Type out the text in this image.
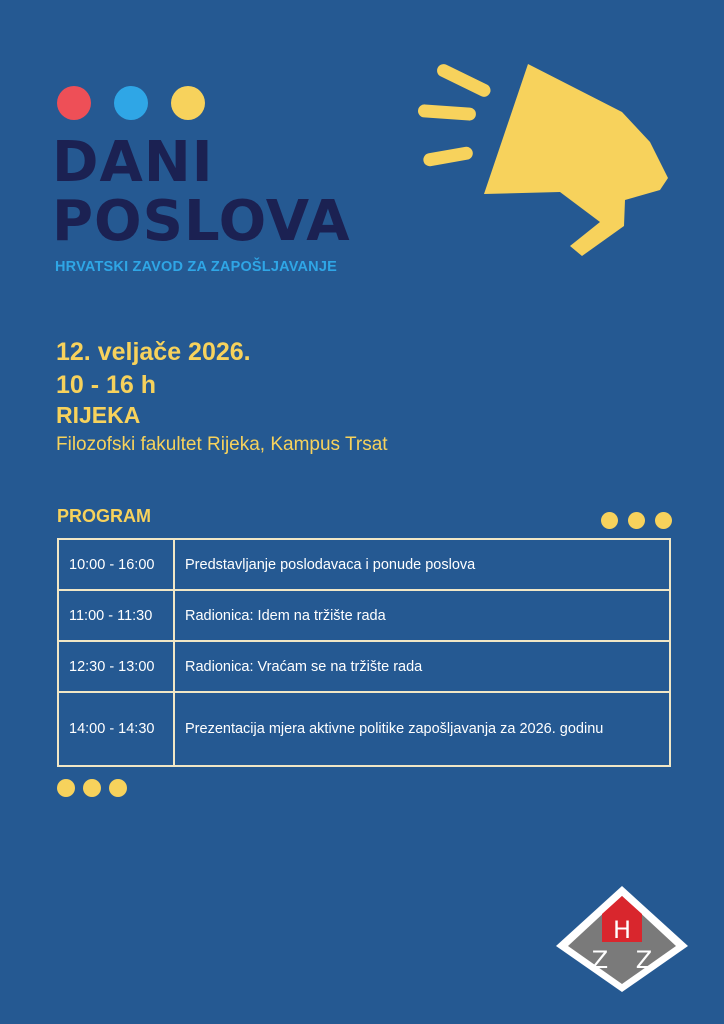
DANI
POSLOVA
HRVATSKI ZAVOD ZA ZAPOŠLJAVANJE

12. veljače 2026.

10 - 16 h

RIJEKA

Filozofski fakultet Rijeka, Kampus Trsat

PROGRAM
10:00 - 16:00	Predstavljanje poslodavaca i ponude poslova
11:00 - 11:30	Radionica: Idem na tržište rada
12:30 - 13:00	Radionica: Vraćam se na tržište rada
14:00 - 14:30	Prezentacija mjera aktivne politike zapošljavanja za 2026. godinu
H
Z Z
